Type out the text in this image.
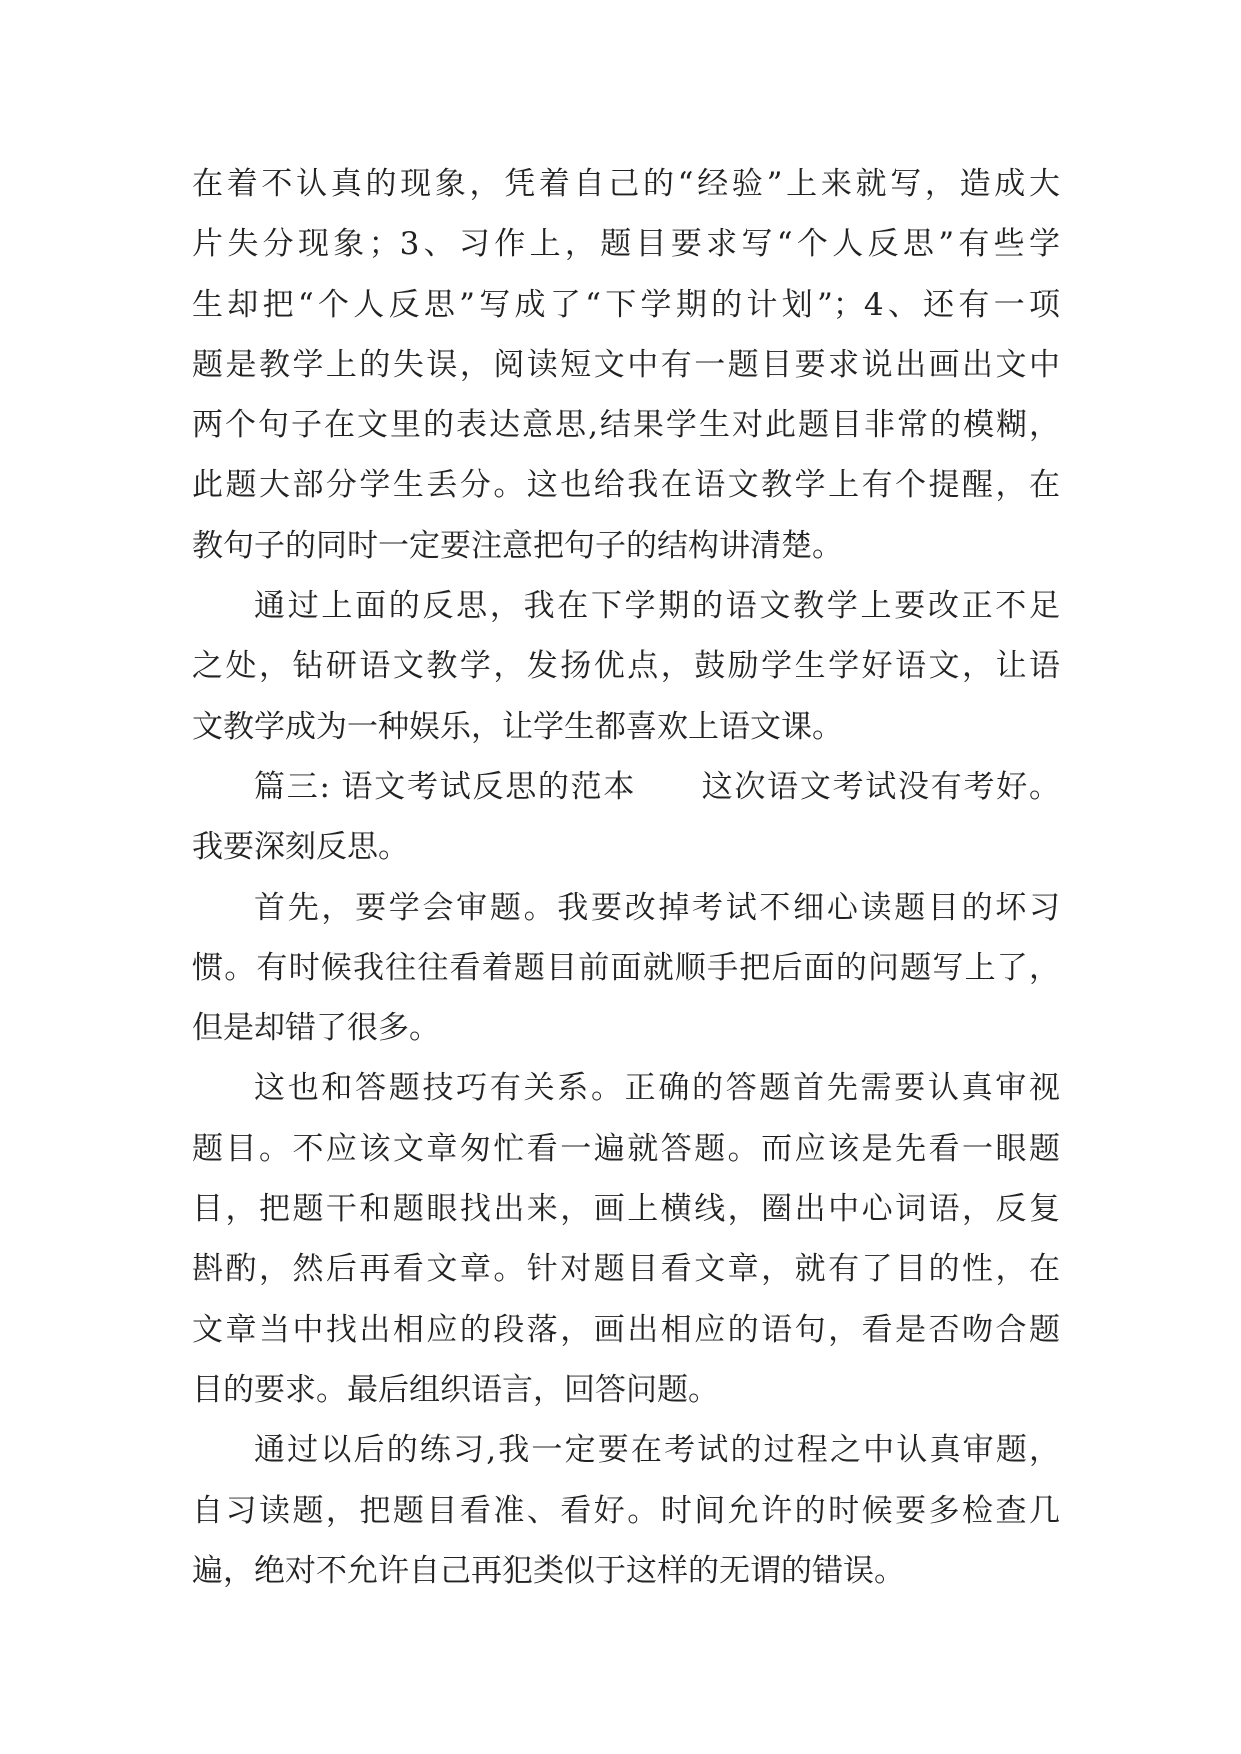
在着不认真的现象，凭着自己的“经验”上来就写，造成大
片失分现象；3、习作上，题目要求写“个人反思”有些学
生却把“个人反思”写成了“下学期的计划”；4、还有一项
题是教学上的失误，阅读短文中有一题目要求说出画出文中
两个句子在文里的表达意思,结果学生对此题目非常的模糊，
此题大部分学生丢分。这也给我在语文教学上有个提醒，在
教句子的同时一定要注意把句子的结构讲清楚。
通过上面的反思，我在下学期的语文教学上要改正不足
之处，钻研语文教学，发扬优点，鼓励学生学好语文，让语
文教学成为一种娱乐，让学生都喜欢上语文课。
篇三: 语文考试反思的范本　　这次语文考试没有考好。
我要深刻反思。
首先，要学会审题。我要改掉考试不细心读题目的坏习
惯。有时候我往往看着题目前面就顺手把后面的问题写上了，
但是却错了很多。
这也和答题技巧有关系。正确的答题首先需要认真审视
题目。不应该文章匆忙看一遍就答题。而应该是先看一眼题
目，把题干和题眼找出来，画上横线，圈出中心词语，反复
斟酌，然后再看文章。针对题目看文章，就有了目的性，在
文章当中找出相应的段落，画出相应的语句，看是否吻合题
目的要求。最后组织语言，回答问题。
通过以后的练习,我一定要在考试的过程之中认真审题，
自习读题，把题目看准、看好。时间允许的时候要多检查几
遍，绝对不允许自己再犯类似于这样的无谓的错误。
